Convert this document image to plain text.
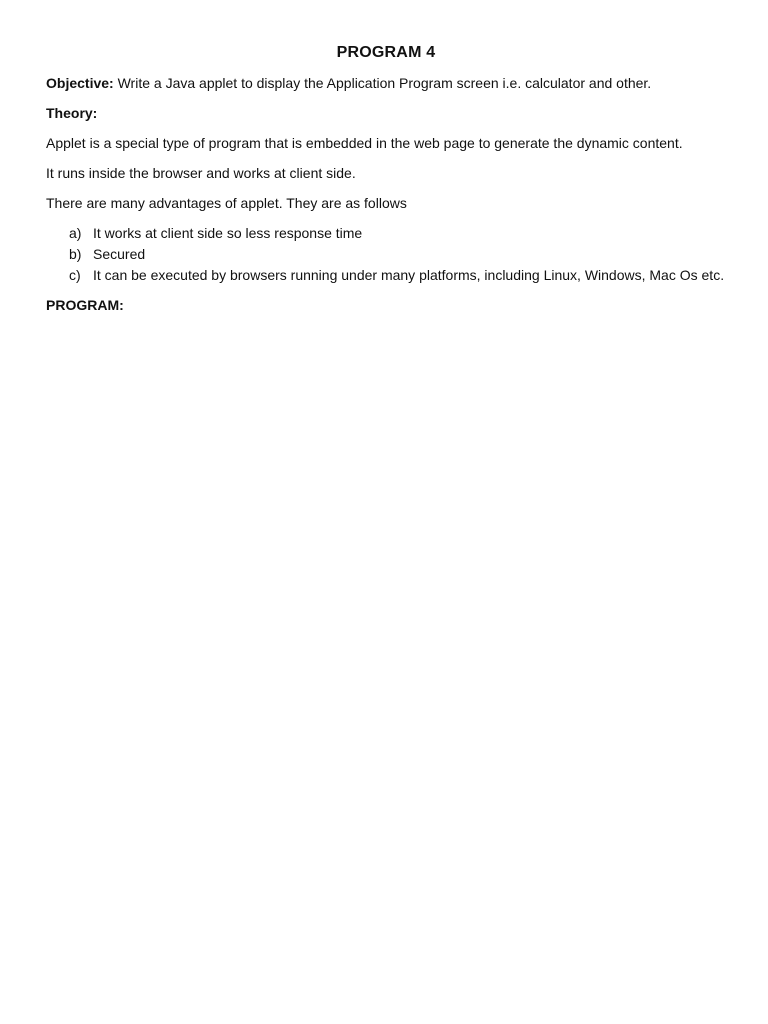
PROGRAM 4

Objective: Write a Java applet to display the Application Program screen i.e. calculator and other.

Theory:

Applet is a special type of program that is embedded in the web page to generate the dynamic content.

It runs inside the browser and works at client side.

There are many advantages of applet. They are as follows

a) It works at client side so less response time
b) Secured
c) It can be executed by browsers running under many platforms, including Linux, Windows, Mac Os etc.

PROGRAM:
